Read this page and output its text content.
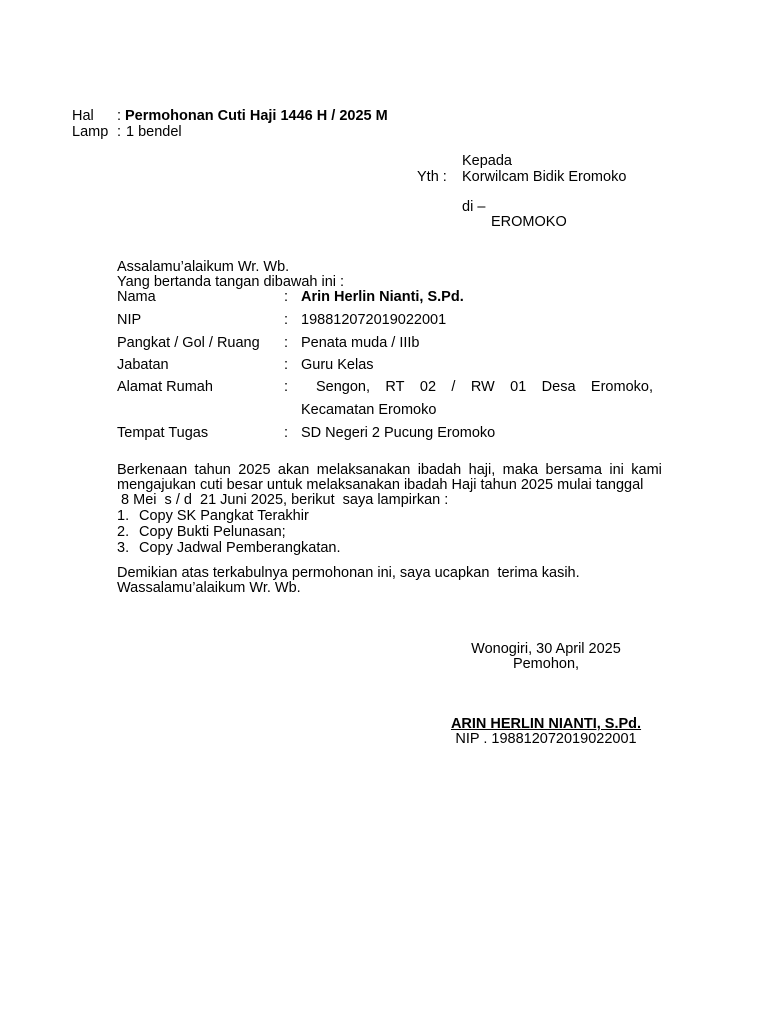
Hal : Permohonan Cuti Haji 1446 H / 2025 M
Lamp : 1 bendel
Kepada
Yth : Korwilcam Bidik Eromoko
di –
EROMOKO
Assalamu’alaikum Wr. Wb.
Yang bertanda tangan dibawah ini :
Nama	: Arin Herlin Nianti, S.Pd.
NIP	: 198812072019022001
Pangkat / Gol / Ruang : Penata muda / IIIb
Jabatan	: Guru Kelas
Alamat Rumah	: Sengon, RT 02 / RW 01 Desa Eromoko,
Kecamatan Eromoko
Tempat Tugas	: SD Negeri 2 Pucung Eromoko
Berkenaan tahun 2025 akan melaksanakan ibadah haji, maka bersama ini kami
mengajukan cuti besar untuk melaksanakan ibadah Haji tahun 2025 mulai tanggal
8 Mei  s / d  21 Juni 2025, berikut  saya lampirkan :
1. Copy SK Pangkat Terakhir
2. Copy Bukti Pelunasan;
3. Copy Jadwal Pemberangkatan.
Demikian atas terkabulnya permohonan ini, saya ucapkan  terima kasih.
Wassalamu’alaikum Wr. Wb.
Wonogiri, 30 April 2025
Pemohon,
ARIN HERLIN NIANTI, S.Pd.
NIP . 198812072019022001
